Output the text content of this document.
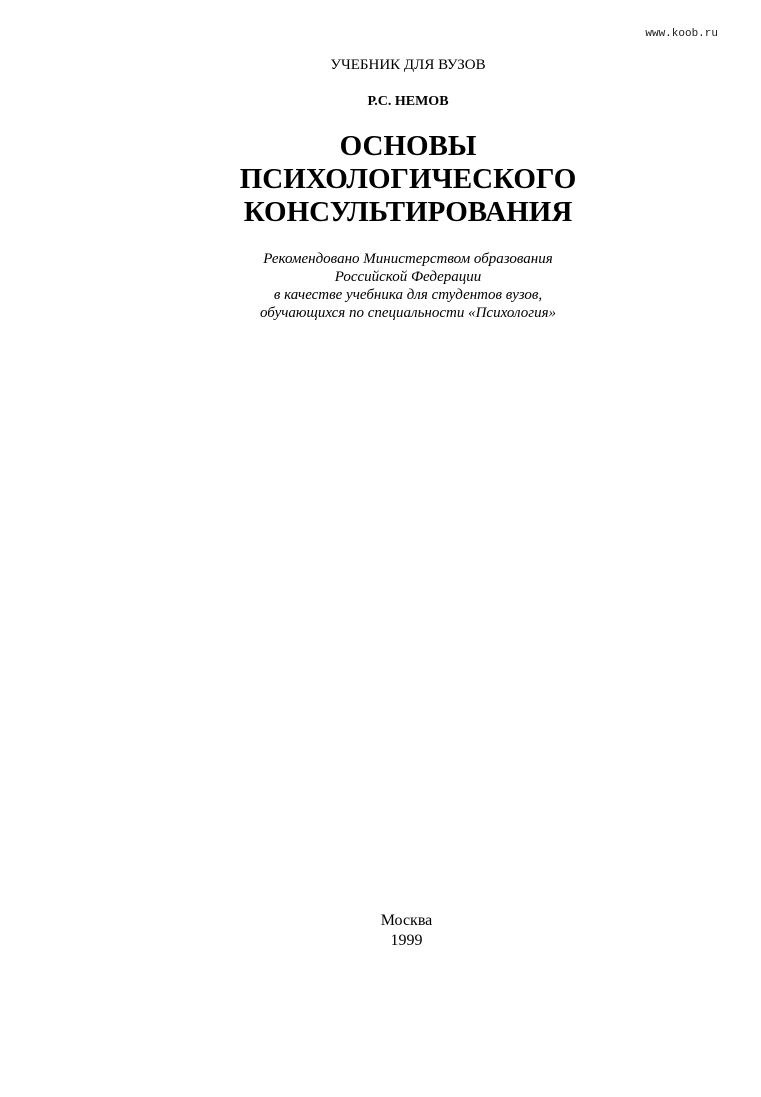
www.koob.ru
УЧЕБНИК ДЛЯ ВУЗОВ
Р.С. НЕМОВ
ОСНОВЫ
ПСИХОЛОГИЧЕСКОГО
КОНСУЛЬТИРОВАНИЯ
Рекомендовано Министерством образования
Российской Федерации
в качестве учебника для студентов вузов,
обучающихся по специальности «Психология»
Москва
1999
